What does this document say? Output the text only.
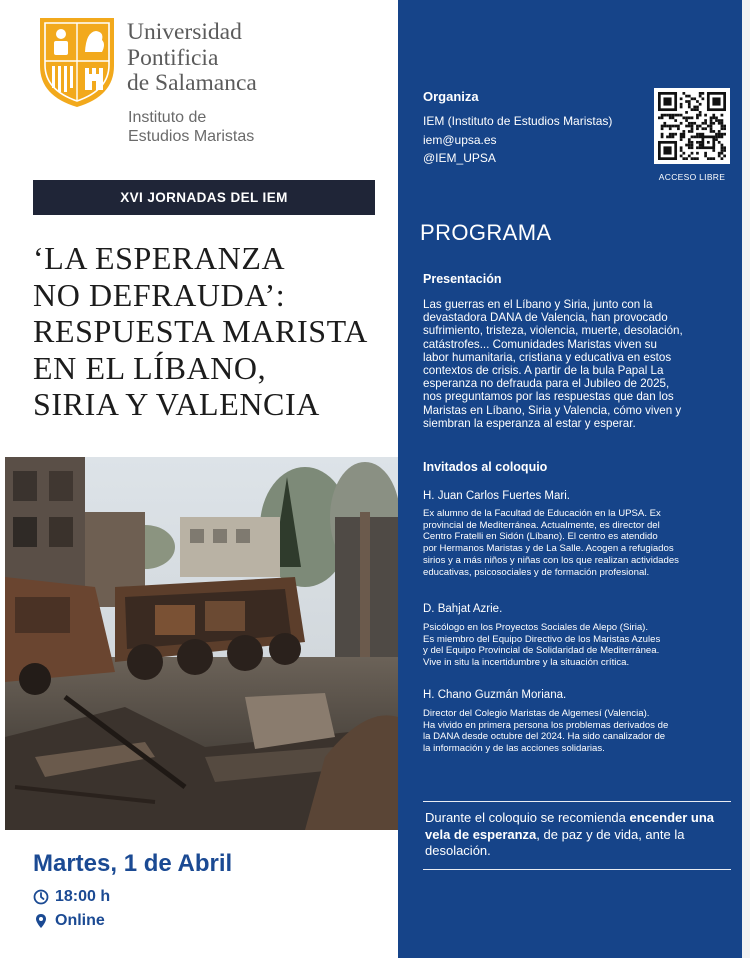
Universidad
Pontificia
de Salamanca
Instituto de
Estudios Maristas
XVI JORNADAS DEL IEM
‘LA ESPERANZA
NO DEFRAUDA’:
RESPUESTA MARISTA
EN EL LÍBANO,
SIRIA Y VALENCIA
Martes, 1 de Abril
18:00 h
Online
Organiza
IEM (Instituto de Estudios Maristas)
iem@upsa.es
@IEM_UPSA
ACCESO LIBRE
PROGRAMA
Presentación
Las guerras en el Líbano y Siria, junto con la
devastadora DANA de Valencia, han provocado
sufrimiento, tristeza, violencia, muerte, desolación,
catástrofes... Comunidades Maristas viven su
labor humanitaria, cristiana y educativa en estos
contextos de crisis. A partir de la bula Papal La
esperanza no defrauda para el Jubileo de 2025,
nos preguntamos por las respuestas que dan los
Maristas en Líbano, Siria y Valencia, cómo viven y
siembran la esperanza al estar y esperar.
Invitados al coloquio
H. Juan Carlos Fuertes Mari.
Ex alumno de la Facultad de Educación en la UPSA. Ex
provincial de Mediterránea. Actualmente, es director del
Centro Fratelli en Sidón (Líbano). El centro es atendido
por Hermanos Maristas y de La Salle. Acogen a refugiados
sirios y a más niños y niñas con los que realizan actividades
educativas, psicosociales y de formación profesional.
D. Bahjat Azrie.
Psicólogo en los Proyectos Sociales de Alepo (Siria).
Es miembro del Equipo Directivo de los Maristas Azules
y del Equipo Provincial de Solidaridad de Mediterránea.
Vive in situ la incertidumbre y la situación crítica.
H. Chano Guzmán Moriana.
Director del Colegio Maristas de Algemesí (Valencia).
Ha vivido en primera persona los problemas derivados de
la DANA desde octubre del 2024. Ha sido canalizador de
la información y de las acciones solidarias.
Durante el coloquio se recomienda encender una vela de esperanza, de paz y de vida, ante la desolación.
